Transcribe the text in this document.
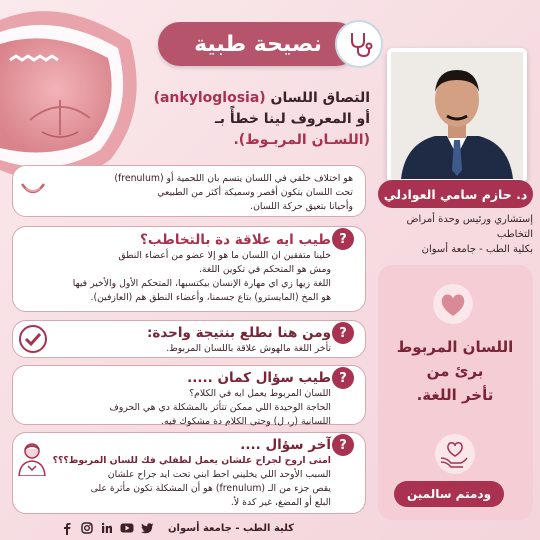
نصيحة طبية
التصاق اللسان (ankyloglosia)
أو المعروف لينا خطأً بـ
(اللسـان المربـوط).
د. حازم سامي العوادلي
إستشاري ورئيس وحدة أمراض التخاطب
بكلية الطب - جامعة أسوان
هو اختلاف خلقي في اللسان يتسم بان اللحمية أو (frenulum)
تحت اللسان بتكون أقصر وسميكة أكثر من الطبيعي
وأحيانا بتعيق حركة اللسان.
طيب ايه علاقة دة بالتخاطب؟
خلينا متفقين ان اللسان ما هو إلا عضو من أعضاء النطق
ومش هو المتحكم في تكوين اللغة.
اللغة زيها زي اي مهارة الإنسان بيكتسبها، المتحكم الأول والأخير فيها
هو المخ (المايسترو) بتاع جسمنا، وأعضاء النطق هم (العازفين).
?
ومن هنا نطلع بنتيجة واحدة:
تأخر اللغة مالهوش علاقة باللسان المربوط.
?
طيب سؤال كمان .....
اللسان المربوط يعمل ايه في الكلام؟
الحاجة الوحيدة اللي ممكن تتأثر بالمشكلة دي هي الحروف
اللسانية (ر، ل) وحتى الكلام دة مشكوك فيه.
?
آخر سؤال ....
امتى اروح لجراح علشان يعمل لطفلي فك للسان المربوط؟؟؟
السبب الأوحد اللي يخليني احط ابني تحت ايد جراح علشان
يقص جزء من الـ (frenulum) هو أن المشكلة تكون مأثرة على
البلع أو المضغ، غير كدة لأ.
?
اللسان المربوط
برئ من
تأخر اللغة.
ودمتم سالمين
كلية الطب - جامعة أسوان
